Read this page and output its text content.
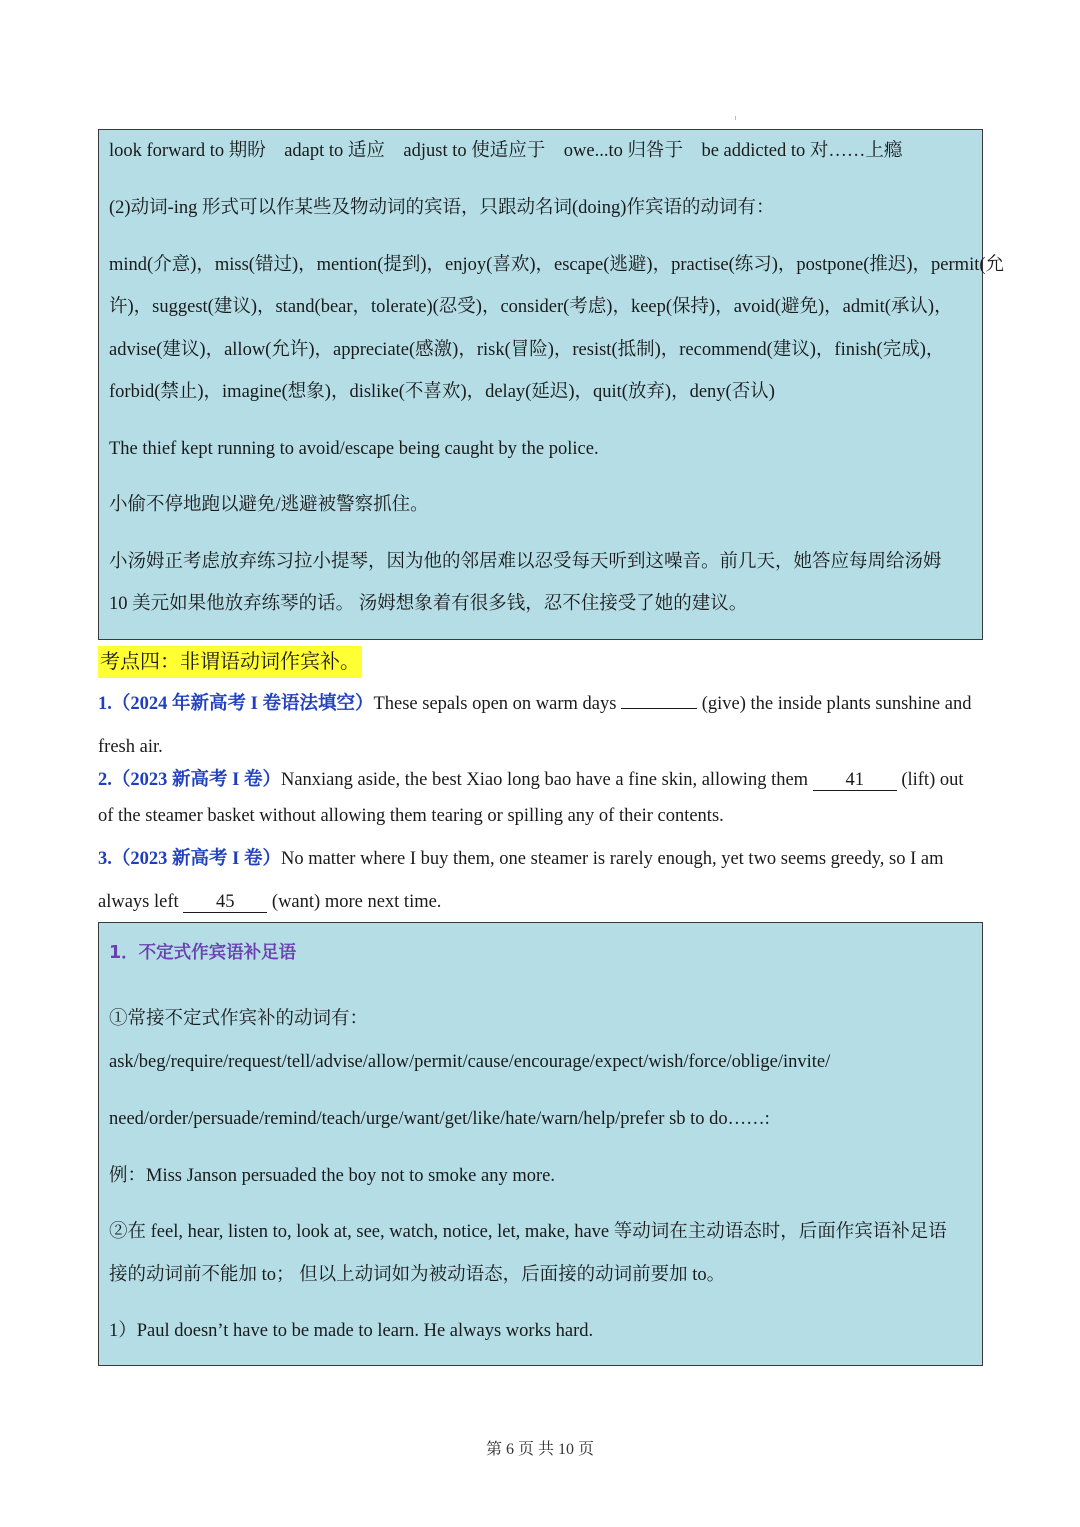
look forward to 期盼　adapt to 适应　adjust to 使适应于　owe...to 归咎于　be addicted to 对……上瘾
(2)动词-ing 形式可以作某些及物动词的宾语，只跟动名词(doing)作宾语的动词有：
mind(介意)，miss(错过)，mention(提到)，enjoy(喜欢)，escape(逃避)，practise(练习)，postpone(推迟)，permit(允
许)，suggest(建议)，stand(bear，tolerate)(忍受)，consider(考虑)，keep(保持)，avoid(避免)，admit(承认)，
advise(建议)，allow(允许)，appreciate(感激)，risk(冒险)，resist(抵制)，recommend(建议)，finish(完成)，
forbid(禁止)，imagine(想象)，dislike(不喜欢)，delay(延迟)，quit(放弃)，deny(否认)
The thief kept running to avoid/escape being caught by the police.
小偷不停地跑以避免/逃避被警察抓住。
小汤姆正考虑放弃练习拉小提琴，因为他的邻居难以忍受每天听到这噪音。前几天，她答应每周给汤姆
10 美元如果他放弃练琴的话。 汤姆想象着有很多钱，忍不住接受了她的建议。
考点四：非谓语动词作宾补。
1.（2024 年新高考 I 卷语法填空）These sepals open on warm days	(give) the inside plants sunshine and
fresh air.
2.（2023 新高考 I 卷）Nanxiang aside, the best Xiao long bao have a fine skin, allowing them 41 (lift) out
of the steamer basket without allowing them tearing or spilling any of their contents.
3.（2023 新高考 I 卷）No matter where I buy them, one steamer is rarely enough, yet two seems greedy, so I am
always left 45 (want) more next time.
1．不定式作宾语补足语
①常接不定式作宾补的动词有：
ask/beg/require/request/tell/advise/allow/permit/cause/encourage/expect/wish/force/oblige/invite/
need/order/persuade/remind/teach/urge/want/get/like/hate/warn/help/prefer sb to do……:
例：Miss Janson persuaded the boy not to smoke any more.
②在 feel, hear, listen to, look at, see, watch, notice, let, make, have 等动词在主动语态时，后面作宾语补足语
接的动词前不能加 to； 但以上动词如为被动语态，后面接的动词前要加 to。
1）Paul doesn’t have to be made to learn. He always works hard.
第 6 页 共 10 页
